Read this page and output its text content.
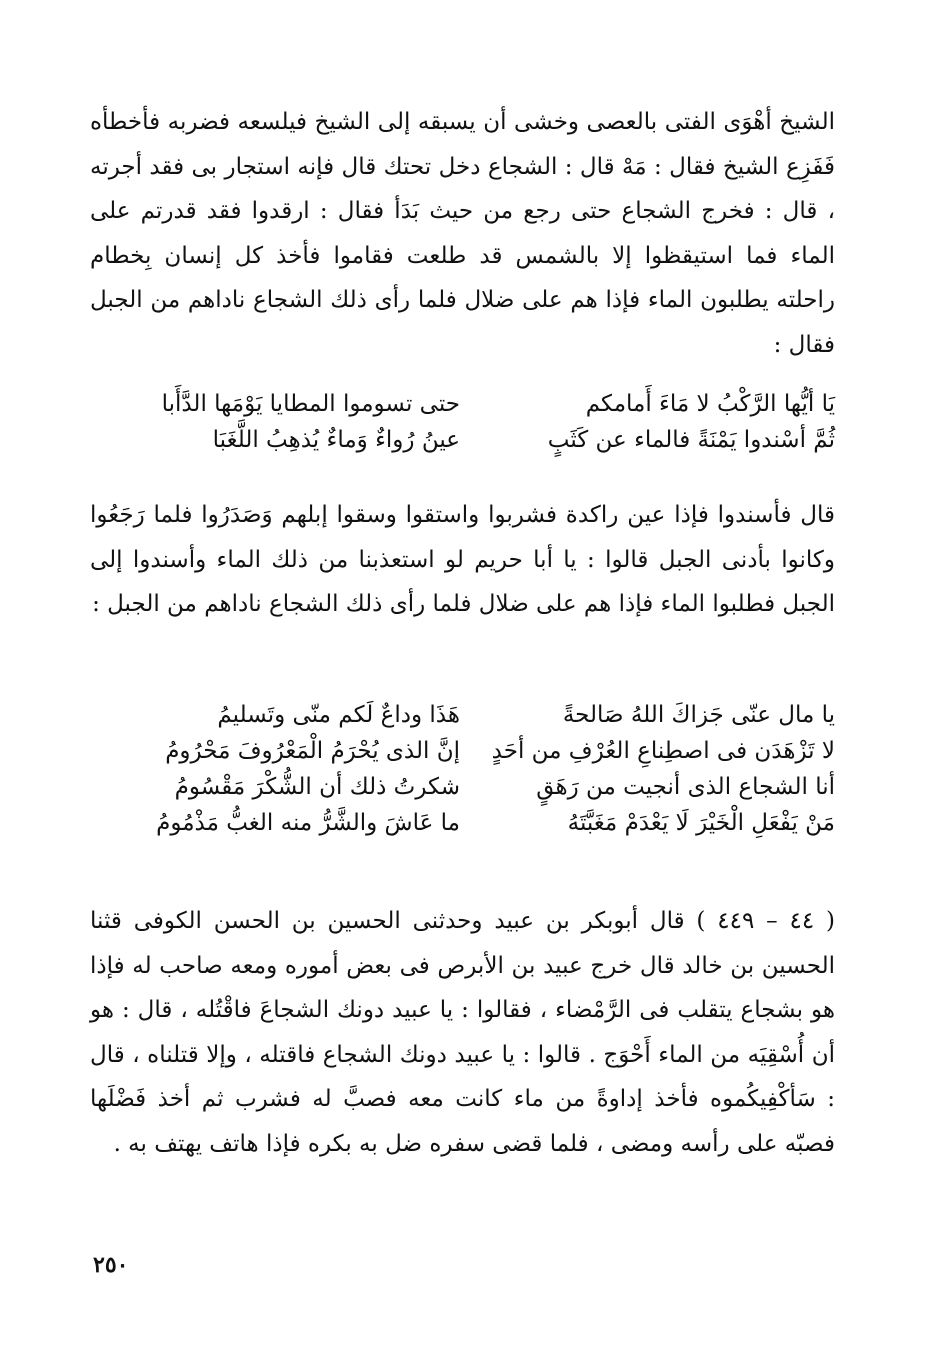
الشيخ أهْوَى الفتى بالعصى وخشى أن يسبقه إلى الشيخ فيلسعه فضربه فأخطأه فَفَزِع الشيخ فقال : مَهْ قال : الشجاع دخل تحتك قال فإنه استجار بى فقد أجرته ، قال : فخرج الشجاع حتى رجع من حيث بَدَأ فقال : ارقدوا فقد قدرتم على الماء فما استيقظوا إلا بالشمس قد طلعت فقاموا فأخذ كل إنسان بِخطام راحلته يطلبون الماء فإذا هم على ضلال فلما رأى ذلك الشجاع ناداهم من الجبل فقال :

يَا أيُّها الرَّكْبُ لا مَاءَ أَمامكم
حتى تسوموا المطايا يَوْمَها الدَّأَبا
ثُمَّ أسْندوا يَمْنَةً فالماء عن كَثَبٍ
عينُ رُواءٌ وَماءٌ يُذهِبُ اللَّغَبَا

قال فأسندوا فإذا عين راكدة فشربوا واستقوا وسقوا إبلهم وَصَدَرُوا فلما رَجَعُوا وكانوا بأدنى الجبل قالوا : يا أبا حريم لو استعذبنا من ذلك الماء وأسندوا إلى الجبل فطلبوا الماء فإذا هم على ضلال فلما رأى ذلك الشجاع ناداهم من الجبل :

يا مال عنّى جَزاكَ اللهُ صَالحةً
هَذَا وداعٌ لَكم منّى وتَسليمُ
لا تَزْهَدَن فى اصطِناعِ العُرْفِ من أحَدٍ
إنَّ الذى يُحْرَمُ الْمَعْرُوفَ مَحْرُومُ
أنا الشجاع الذى أنجيت من رَهَقٍ
شكرتُ ذلك أن الشُّكْرَ مَقْسُومُ
مَنْ يَفْعَلِ الْخَيْرَ لَا يَعْدَمْ مَغَبَّتَهُ
ما عَاشَ والشَّرُّ منه الغبُّ مَذْمُومُ

( ٤٤ – ٤٤٩ ) قال أبوبكر بن عبيد وحدثنى الحسين بن الحسن الكوفى قثنا الحسين بن خالد قال خرج عبيد بن الأبرص فى بعض أموره ومعه صاحب له فإذا هو بشجاع يتقلب فى الرَّمْضاء ، فقالوا : يا عبيد دونك الشجاعَ فاقْتُله ، قال : هو أن أُسْقِيَه من الماء أَحْوَج . قالوا : يا عبيد دونك الشجاع فاقتله ، وإلا قتلناه ، قال : سَأكْفِيكُموه فأخذ إداوةً من ماء كانت معه فصبَّ له فشرب ثم أخذ فَضْلَها فصبّه على رأسه ومضى ، فلما قضى سفره ضل به بكره فإذا هاتف يهتف به .

٢٥٠
